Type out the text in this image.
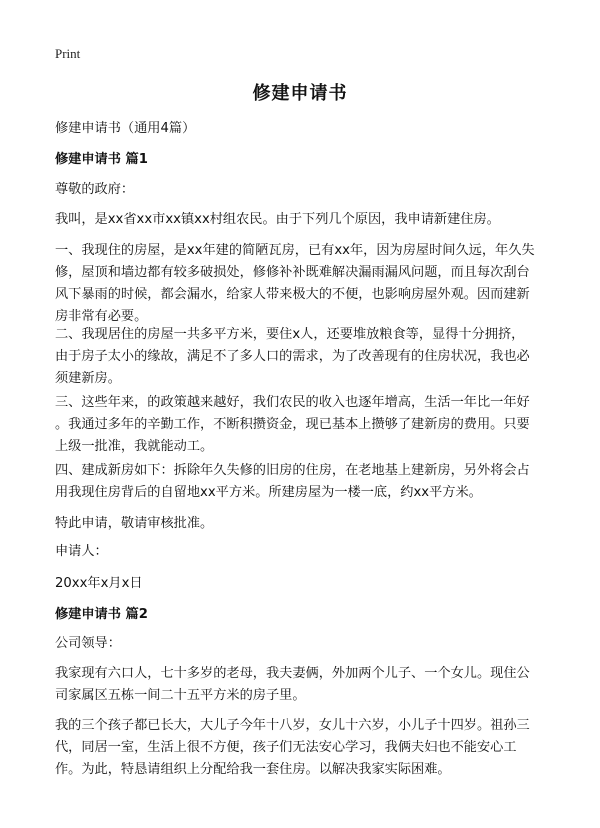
Print
修建申请书
修建申请书（通用4篇）
修建申请书 篇1
尊敬的政府：
我叫，是xx省xx市xx镇xx村组农民。由于下列几个原因，我申请新建住房。
一、我现住的房屋，是xx年建的简陋瓦房，已有xx年，因为房屋时间久远，年久失
修，屋顶和墙边都有较多破损处，修修补补既难解决漏雨漏风问题，而且每次刮台
风下暴雨的时候，都会漏水，给家人带来极大的不便，也影响房屋外观。因而建新
房非常有必要。
二、我现居住的房屋一共多平方米，要住x人，还要堆放粮食等，显得十分拥挤，
由于房子太小的缘故，满足不了多人口的需求，为了改善现有的住房状况，我也必
须建新房。
三、这些年来，的政策越来越好，我们农民的收入也逐年增高，生活一年比一年好
。我通过多年的辛勤工作，不断积攒资金，现已基本上攒够了建新房的费用。只要
上级一批准，我就能动工。
四、建成新房如下：拆除年久失修的旧房的住房，在老地基上建新房，另外将会占
用我现住房背后的自留地xx平方米。所建房屋为一楼一底，约xx平方米。
特此申请，敬请审核批准。
申请人：
20xx年x月x日
修建申请书 篇2
公司领导：
我家现有六口人，七十多岁的老母，我夫妻俩，外加两个儿子、一个女儿。现住公
司家属区五栋一间二十五平方米的房子里。
我的三个孩子都已长大，大儿子今年十八岁，女儿十六岁，小儿子十四岁。祖孙三
代，同居一室，生活上很不方便，孩子们无法安心学习，我俩夫妇也不能安心工
作。为此，特恳请组织上分配给我一套住房。以解决我家实际困难。
